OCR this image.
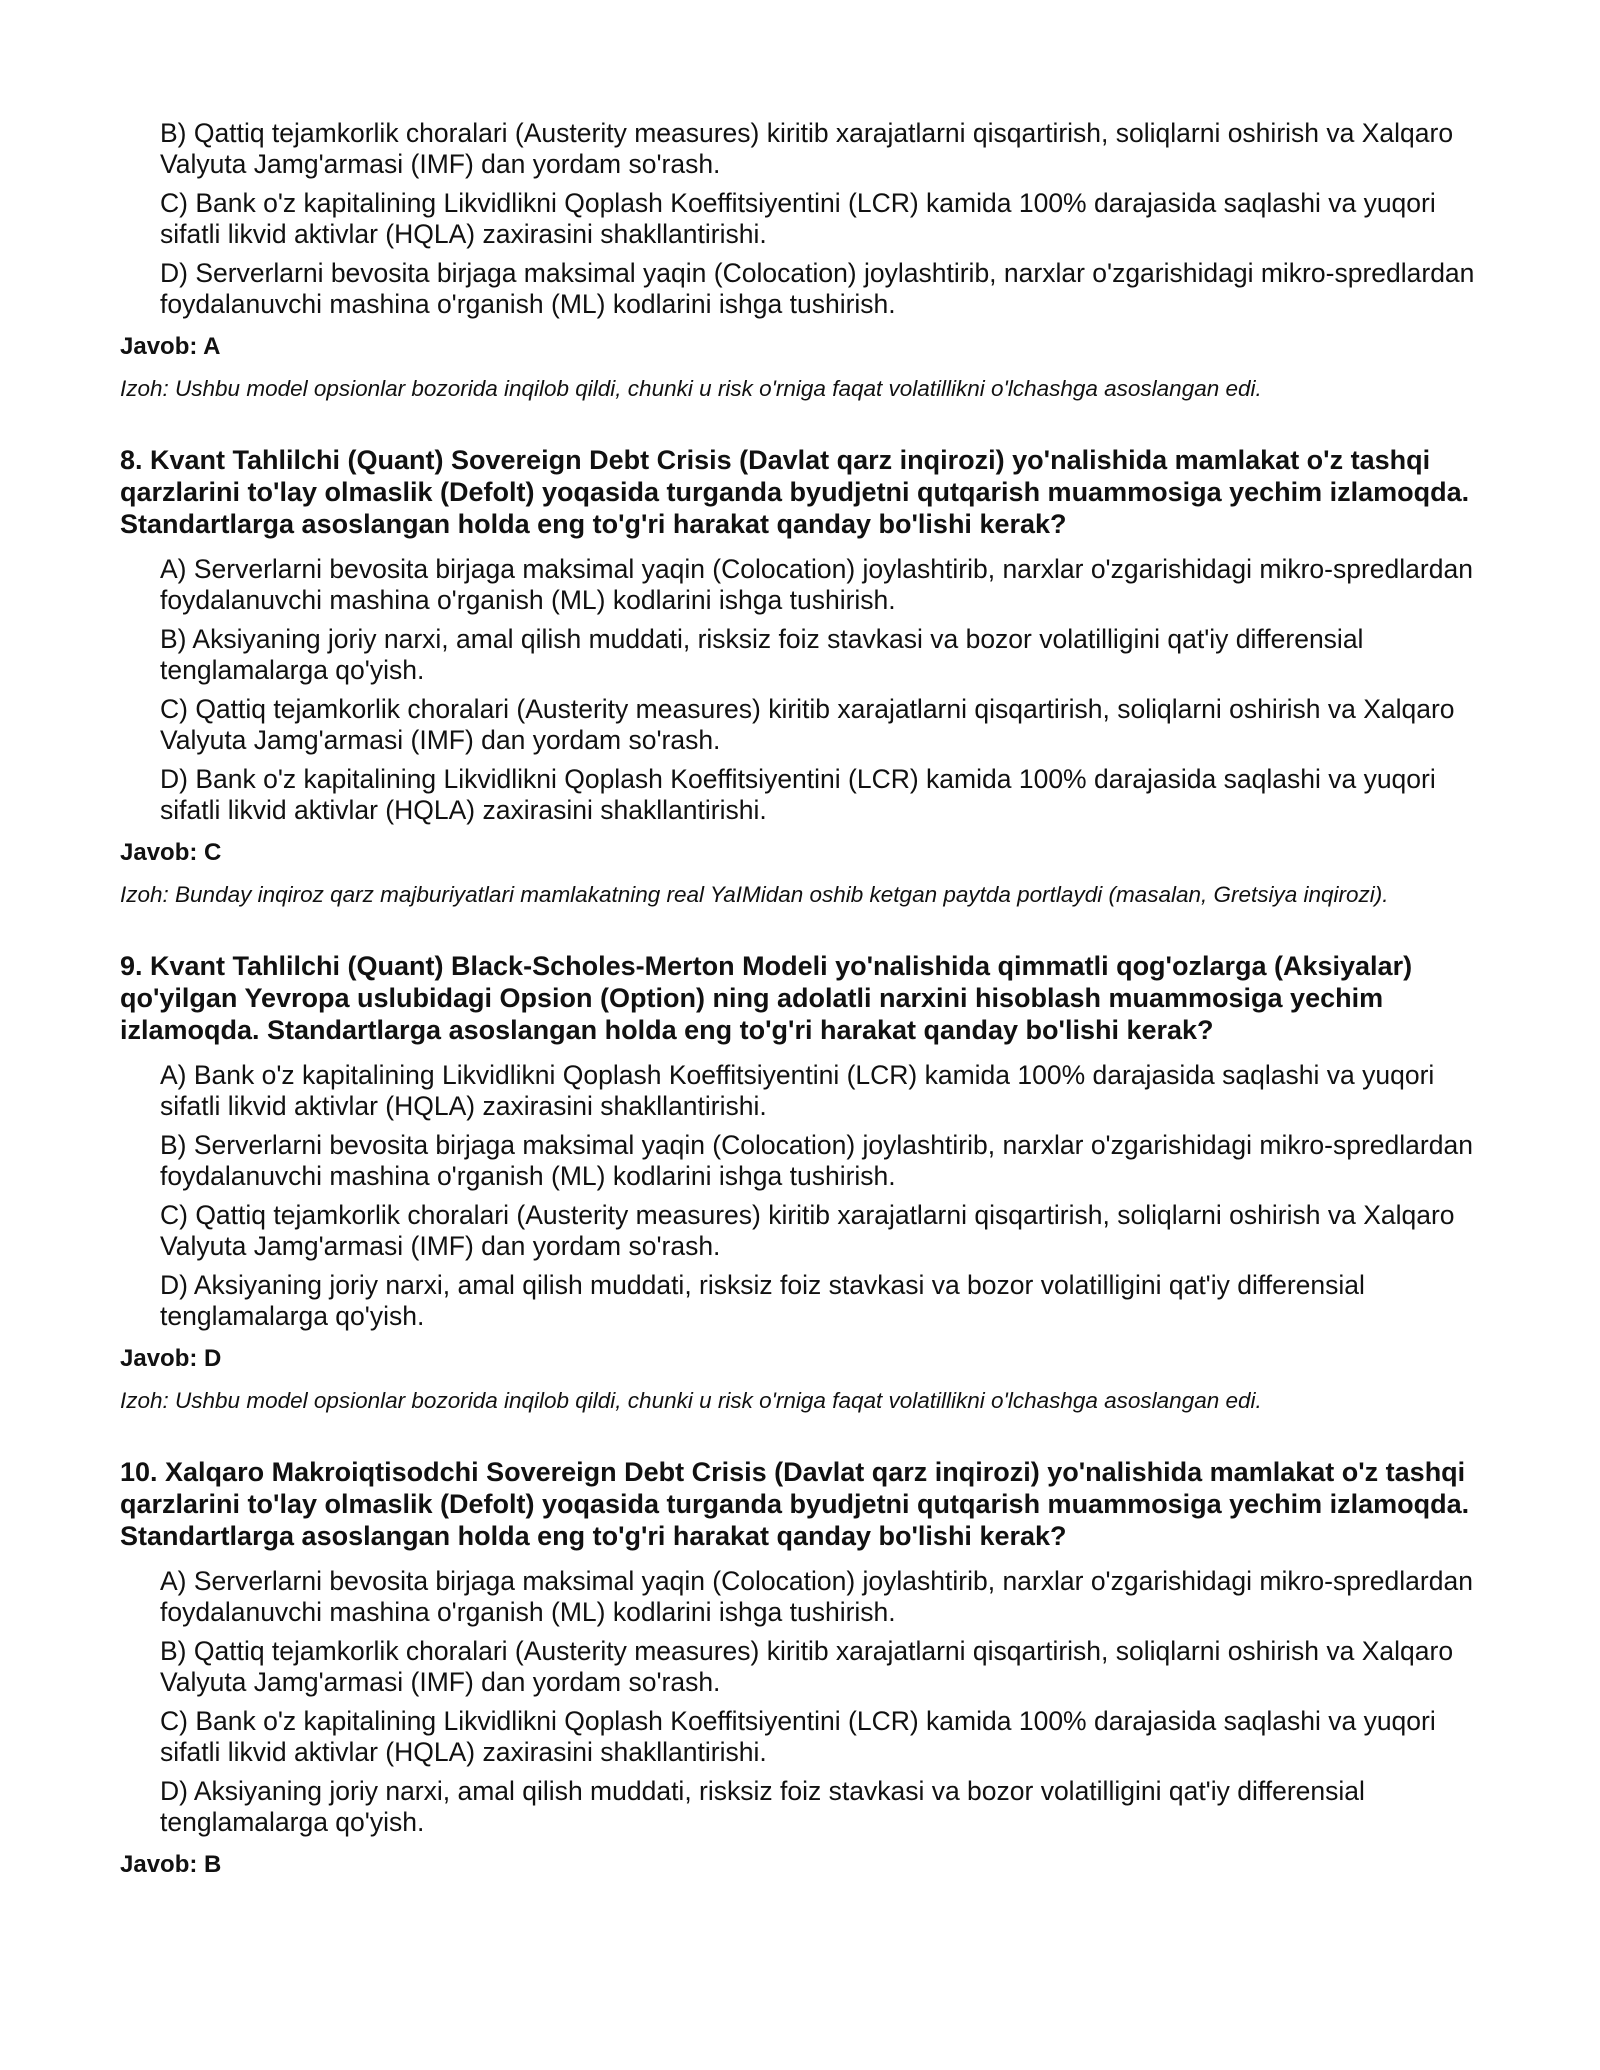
B) Qattiq tejamkorlik choralari (Austerity measures) kiritib xarajatlarni qisqartirish, soliqlarni oshirish va Xalqaro Valyuta Jamg'armasi (IMF) dan yordam so'rash.
C) Bank o'z kapitalining Likvidlikni Qoplash Koeffitsiyentini (LCR) kamida 100% darajasida saqlashi va yuqori sifatli likvid aktivlar (HQLA) zaxirasini shakllantirishi.
D) Serverlarni bevosita birjaga maksimal yaqin (Colocation) joylashtirib, narxlar o'zgarishidagi mikro-spredlardan foydalanuvchi mashina o'rganish (ML) kodlarini ishga tushirish.
Javob: A
Izoh: Ushbu model opsionlar bozorida inqilob qildi, chunki u risk o'rniga faqat volatillikni o'lchashga asoslangan edi.
8. Kvant Tahlilchi (Quant) Sovereign Debt Crisis (Davlat qarz inqirozi) yo'nalishida mamlakat o'z tashqi qarzlarini to'lay olmaslik (Defolt) yoqasida turganda byudjetni qutqarish muammosiga yechim izlamoqda. Standartlarga asoslangan holda eng to'g'ri harakat qanday bo'lishi kerak?
A) Serverlarni bevosita birjaga maksimal yaqin (Colocation) joylashtirib, narxlar o'zgarishidagi mikro-spredlardan foydalanuvchi mashina o'rganish (ML) kodlarini ishga tushirish.
B) Aksiyaning joriy narxi, amal qilish muddati, risksiz foiz stavkasi va bozor volatilligini qat'iy differensial tenglamalarga qo'yish.
C) Qattiq tejamkorlik choralari (Austerity measures) kiritib xarajatlarni qisqartirish, soliqlarni oshirish va Xalqaro Valyuta Jamg'armasi (IMF) dan yordam so'rash.
D) Bank o'z kapitalining Likvidlikni Qoplash Koeffitsiyentini (LCR) kamida 100% darajasida saqlashi va yuqori sifatli likvid aktivlar (HQLA) zaxirasini shakllantirishi.
Javob: C
Izoh: Bunday inqiroz qarz majburiyatlari mamlakatning real YaIMidan oshib ketgan paytda portlaydi (masalan, Gretsiya inqirozi).
9. Kvant Tahlilchi (Quant) Black-Scholes-Merton Modeli yo'nalishida qimmatli qog'ozlarga (Aksiyalar) qo'yilgan Yevropa uslubidagi Opsion (Option) ning adolatli narxini hisoblash muammosiga yechim izlamoqda. Standartlarga asoslangan holda eng to'g'ri harakat qanday bo'lishi kerak?
A) Bank o'z kapitalining Likvidlikni Qoplash Koeffitsiyentini (LCR) kamida 100% darajasida saqlashi va yuqori sifatli likvid aktivlar (HQLA) zaxirasini shakllantirishi.
B) Serverlarni bevosita birjaga maksimal yaqin (Colocation) joylashtirib, narxlar o'zgarishidagi mikro-spredlardan foydalanuvchi mashina o'rganish (ML) kodlarini ishga tushirish.
C) Qattiq tejamkorlik choralari (Austerity measures) kiritib xarajatlarni qisqartirish, soliqlarni oshirish va Xalqaro Valyuta Jamg'armasi (IMF) dan yordam so'rash.
D) Aksiyaning joriy narxi, amal qilish muddati, risksiz foiz stavkasi va bozor volatilligini qat'iy differensial tenglamalarga qo'yish.
Javob: D
Izoh: Ushbu model opsionlar bozorida inqilob qildi, chunki u risk o'rniga faqat volatillikni o'lchashga asoslangan edi.
10. Xalqaro Makroiqtisodchi Sovereign Debt Crisis (Davlat qarz inqirozi) yo'nalishida mamlakat o'z tashqi qarzlarini to'lay olmaslik (Defolt) yoqasida turganda byudjetni qutqarish muammosiga yechim izlamoqda. Standartlarga asoslangan holda eng to'g'ri harakat qanday bo'lishi kerak?
A) Serverlarni bevosita birjaga maksimal yaqin (Colocation) joylashtirib, narxlar o'zgarishidagi mikro-spredlardan foydalanuvchi mashina o'rganish (ML) kodlarini ishga tushirish.
B) Qattiq tejamkorlik choralari (Austerity measures) kiritib xarajatlarni qisqartirish, soliqlarni oshirish va Xalqaro Valyuta Jamg'armasi (IMF) dan yordam so'rash.
C) Bank o'z kapitalining Likvidlikni Qoplash Koeffitsiyentini (LCR) kamida 100% darajasida saqlashi va yuqori sifatli likvid aktivlar (HQLA) zaxirasini shakllantirishi.
D) Aksiyaning joriy narxi, amal qilish muddati, risksiz foiz stavkasi va bozor volatilligini qat'iy differensial tenglamalarga qo'yish.
Javob: B
